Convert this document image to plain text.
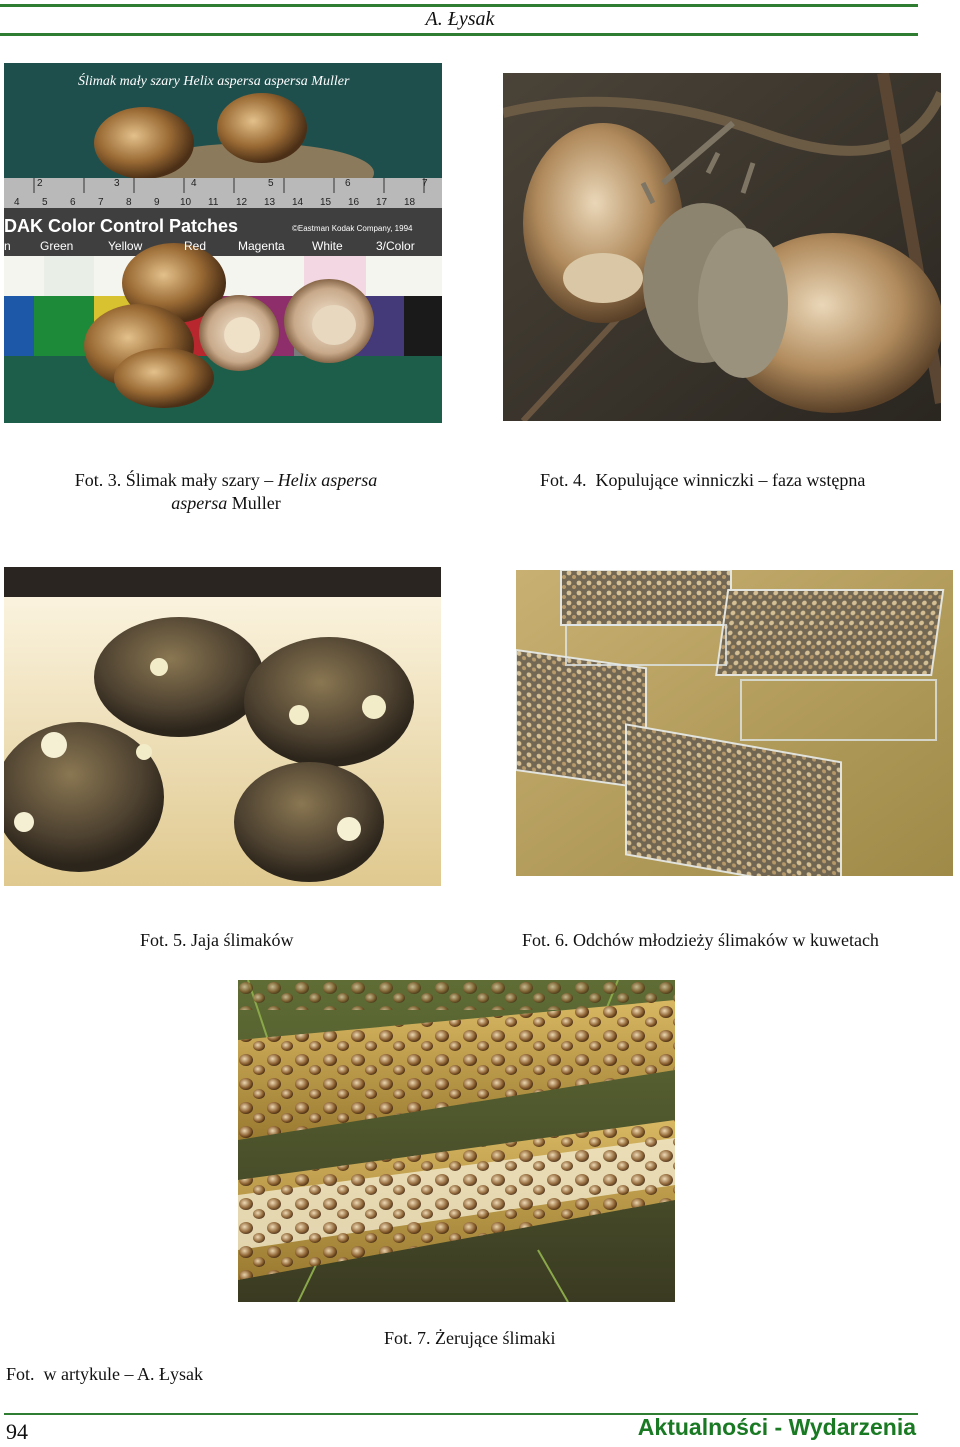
A. Łysak
Ślimak mały szary Helix aspersa aspersa Muller
2	3	4	5	6	7
4 5 6 7 8 9 10 11 12 13 14 15 16 17 18
DAK Color Control Patches	©Eastman Kodak Company, 1994
n Green	Yellow	Red	Magenta White	3/Color
Fot. 3. Ślimak mały szary – Helix aspersa
aspersa Muller
Fot. 4.  Kopulujące winniczki – faza wstępna
Fot. 5. Jaja ślimaków	Fot. 6. Odchów młodzieży ślimaków w kuwetach
Fot. 7. Żerujące ślimaki
Fot.  w artykule – A. Łysak
94	Aktualności - Wydarzenia
